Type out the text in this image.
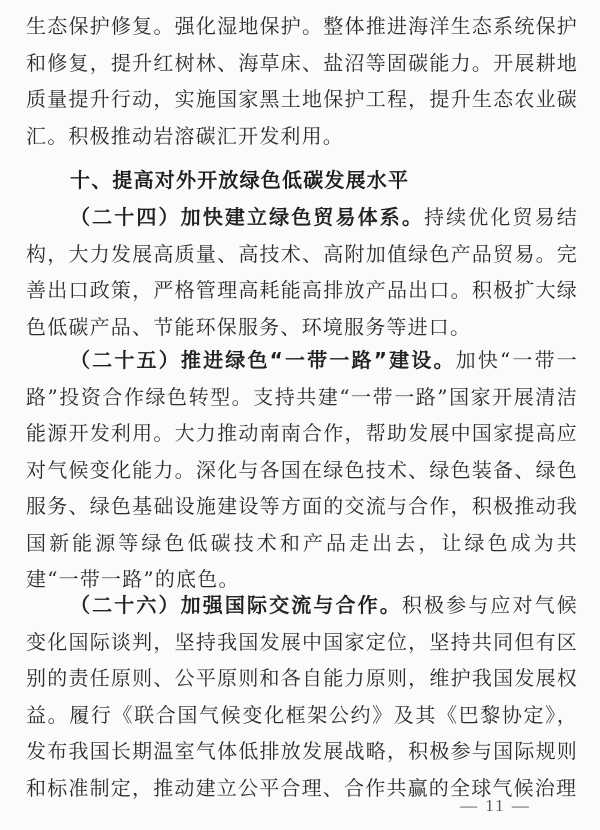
生态保护修复。强化湿地保护。整体推进海洋生态系统保护和修复，提升红树林、海草床、盐沼等固碳能力。开展耕地质量提升行动，实施国家黑土地保护工程，提升生态农业碳汇。积极推动岩溶碳汇开发利用。

十、提高对外开放绿色低碳发展水平

（二十四）加快建立绿色贸易体系。持续优化贸易结构，大力发展高质量、高技术、高附加值绿色产品贸易。完善出口政策，严格管理高耗能高排放产品出口。积极扩大绿色低碳产品、节能环保服务、环境服务等进口。

（二十五）推进绿色“一带一路”建设。加快“一带一路”投资合作绿色转型。支持共建“一带一路”国家开展清洁能源开发利用。大力推动南南合作，帮助发展中国家提高应对气候变化能力。深化与各国在绿色技术、绿色装备、绿色服务、绿色基础设施建设等方面的交流与合作，积极推动我国新能源等绿色低碳技术和产品走出去，让绿色成为共建“一带一路”的底色。

（二十六）加强国际交流与合作。积极参与应对气候变化国际谈判，坚持我国发展中国家定位，坚持共同但有区别的责任原则、公平原则和各自能力原则，维护我国发展权益。履行《联合国气候变化框架公约》及其《巴黎协定》，发布我国长期温室气体低排放发展战略，积极参与国际规则和标准制定，推动建立公平合理、合作共赢的全球气候治理

— 11 —
